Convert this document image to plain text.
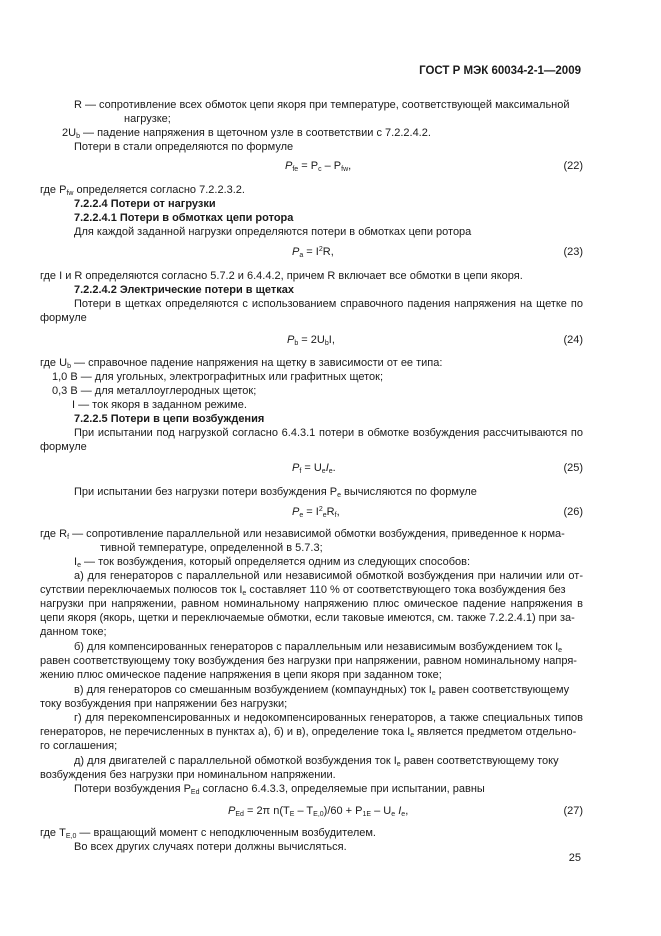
ГОСТ Р МЭК 60034-2-1—2009
R — сопротивление всех обмоток цепи якоря при температуре, соответствующей максимальной
нагрузке;
$2U_b$ — падение напряжения в щеточном узле в соответствии с 7.2.2.4.2.
Потери в стали определяются по формуле
$P_{fe} = P_c - P_{fw}$,	(22)
где $P_{fw}$ определяется согласно 7.2.2.3.2.
7.2.2.4 Потери от нагрузки
7.2.2.4.1 Потери в обмотках цепи ротора
Для каждой заданной нагрузки определяются потери в обмотках цепи ротора
$P_a = I^2R$,	(23)
где I и R определяются согласно 5.7.2 и 6.4.4.2, причем R включает все обмотки в цепи якоря.
7.2.2.4.2 Электрические потери в щетках
Потери в щетках определяются с использованием справочного падения напряжения на щетке по
формуле
$P_b = 2U_bI$,	(24)
где $U_b$ — справочное падение напряжения на щетку в зависимости от ее типа:
1,0 В — для угольных, электрографитных или графитных щеток;
0,3 В — для металлоуглеродных щеток;
I — ток якоря в заданном режиме.
7.2.2.5 Потери в цепи возбуждения
При испытании под нагрузкой согласно 6.4.3.1 потери в обмотке возбуждения рассчитываются по
формуле
$P_f = U_eI_e$.	(25)
При испытании без нагрузки потери возбуждения $P_e$ вычисляются по формуле
$P_e = I^2_eR_f$,	(26)
где $R_f$ — сопротивление параллельной или независимой обмотки возбуждения, приведенное к норма-
тивной температуре, определенной в 5.7.3;
$I_e$ — ток возбуждения, который определяется одним из следующих способов:
а) для генераторов с параллельной или независимой обмоткой возбуждения при наличии или от-
сутствии переключаемых полюсов ток $I_e$ составляет 110 % от соответствующего тока возбуждения без
нагрузки при напряжении, равном номинальному напряжению плюс омическое падение напряжения в
цепи якоря (якорь, щетки и переключаемые обмотки, если таковые имеются, см. также 7.2.2.4.1) при за-
данном токе;
б) для компенсированных генераторов с параллельным или независимым возбуждением ток $I_e$
равен соответствующему току возбуждения без нагрузки при напряжении, равном номинальному напря-
жению плюс омическое падение напряжения в цепи якоря при заданном токе;
в) для генераторов со смешанным возбуждением (компаундных) ток $I_e$ равен соответствующему
току возбуждения при напряжении без нагрузки;
г) для перекомпенсированных и недокомпенсированных генераторов, а также специальных типов
генераторов, не перечисленных в пунктах а), б) и в), определение тока $I_e$ является предметом отдельно-
го соглашения;
д) для двигателей с параллельной обмоткой возбуждения ток $I_e$ равен соответствующему току
возбуждения без нагрузки при номинальном напряжении.
Потери возбуждения $P_{Ed}$ согласно 6.4.3.3, определяемые при испытании, равны
$P_{Ed} = 2\pi$ $n(T_E - T_{E,0})/60 + P_{1E} - U_e$ $I_e$,	(27)
где $T_{E,0}$ — вращающий момент с неподключенным возбудителем.
Во всех других случаях потери должны вычисляться.
25
